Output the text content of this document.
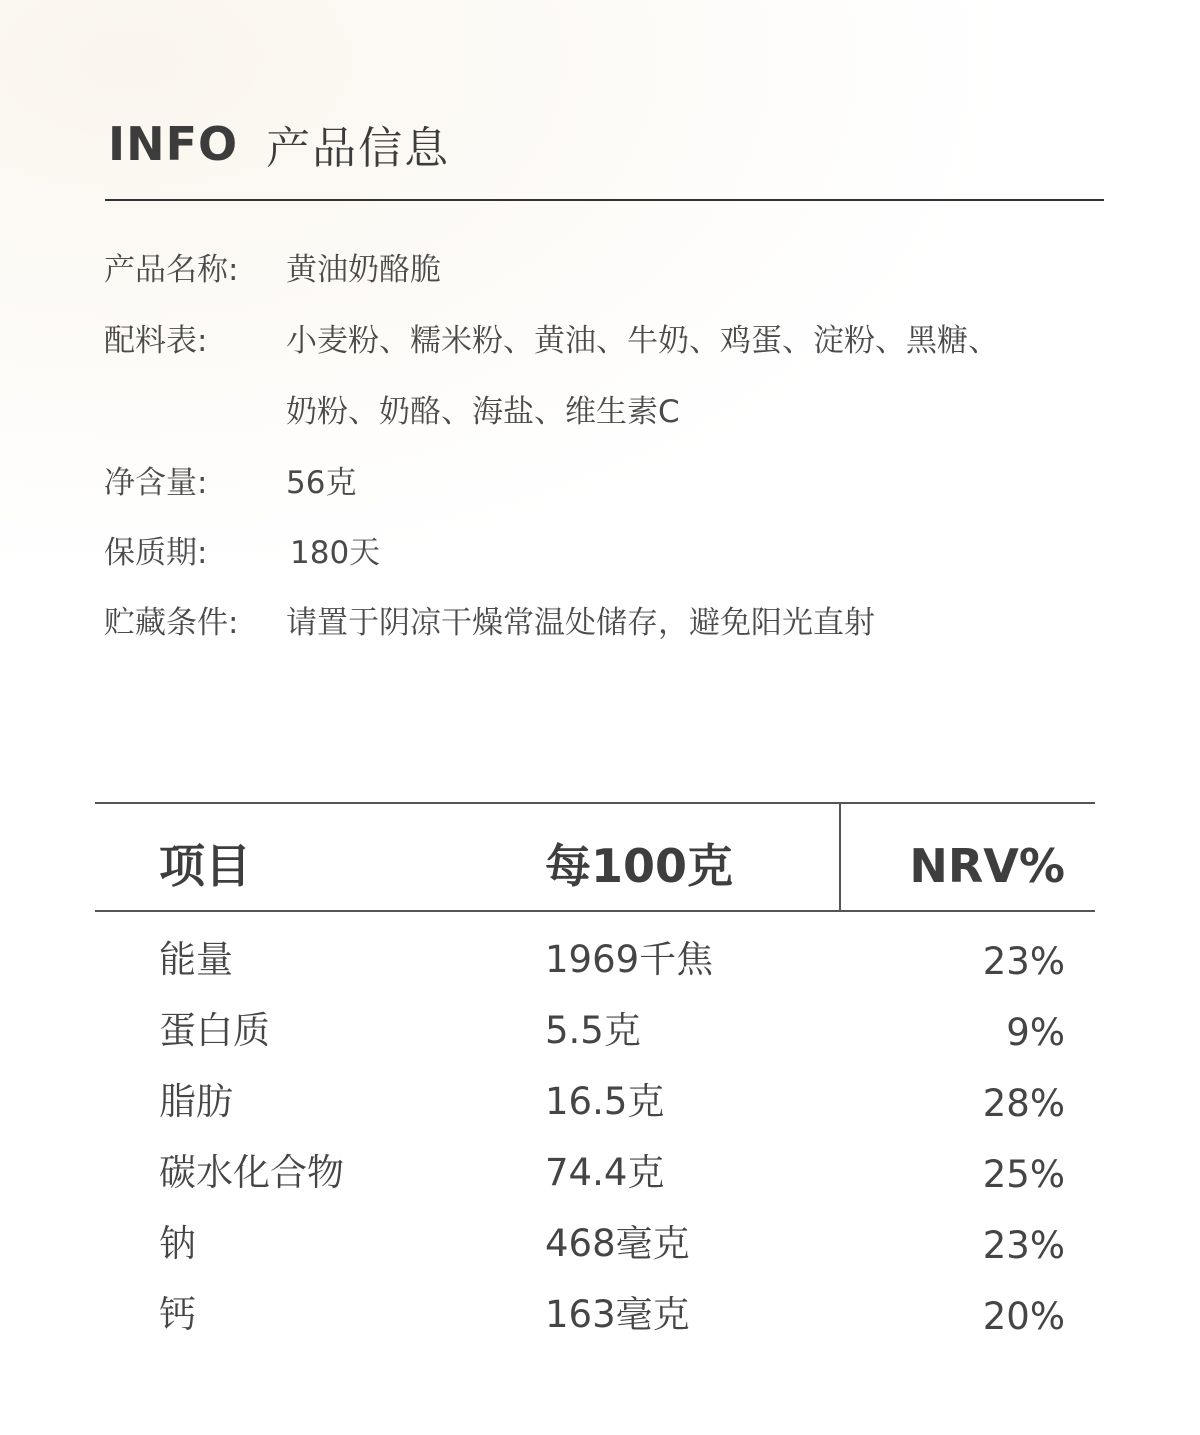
INFO 产品信息
产品名称: 黄油奶酪脆
配料表:	小麦粉、糯米粉、黄油、牛奶、鸡蛋、淀粉、黑糖、
奶粉、奶酪、海盐、维生素C
净含量:	56克
保质期:	180天
贮藏条件: 请置于阴凉干燥常温处储存，避免阳光直射
项目	每100克	NRV%
能量	1969千焦	23%
蛋白质	5.5克	9%
脂肪	16.5克	28%
碳水化合物	74.4克	25%
钠	468毫克	23%
钙	163毫克	20%
